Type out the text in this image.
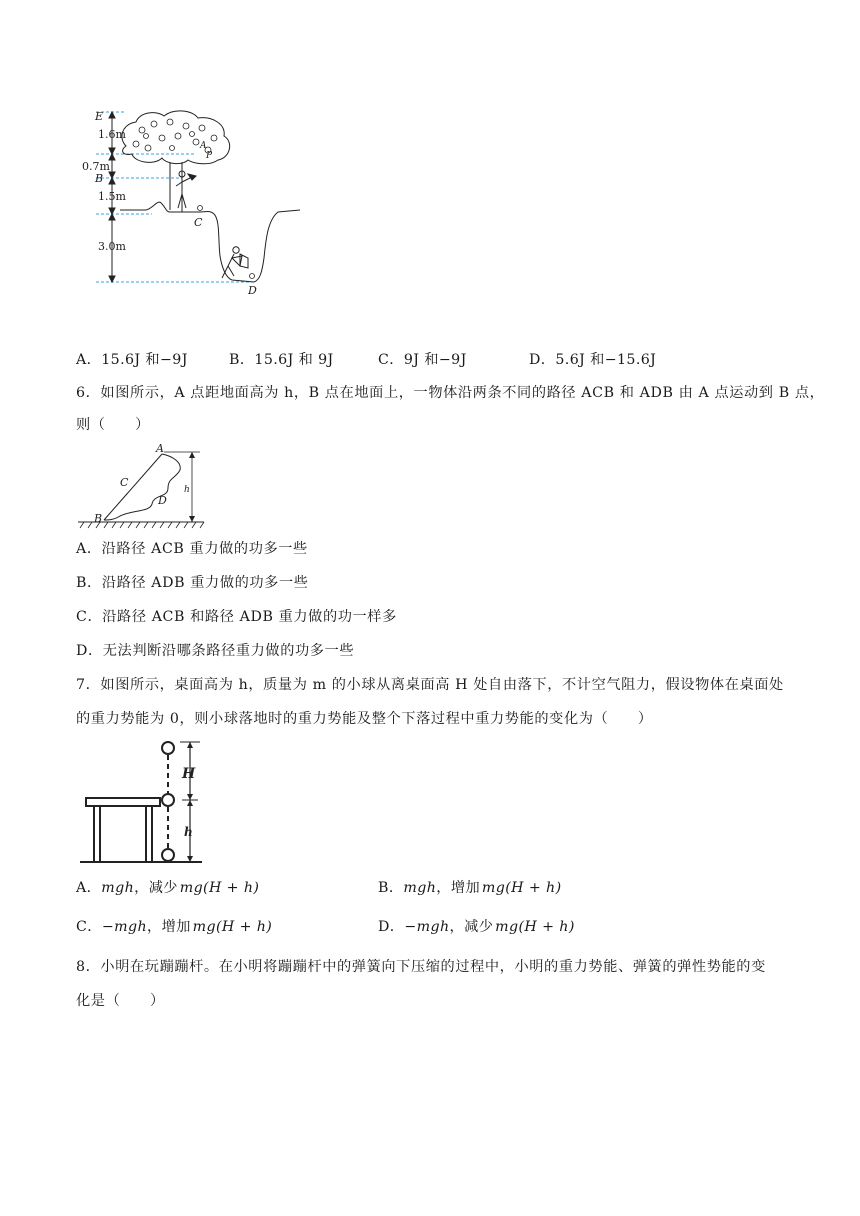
1.6m
0.7m
1.5m
3.0m
E
B
A
P
C
D
A．15.6J 和−9J	B．15.6J 和 9J	C．9J 和−9J	D．5.6J 和−15.6J
6．如图所示，A 点距地面高为 h，B 点在地面上，一物体沿两条不同的路径 ACB 和 ADB 由 A 点运动到 B 点，
则（　　）
A
C
D
B
h
A．沿路径 ACB 重力做的功多一些
B．沿路径 ADB 重力做的功多一些
C．沿路径 ACB 和路径 ADB 重力做的功一样多
D．无法判断沿哪条路径重力做的功多一些
7．如图所示，桌面高为 h，质量为 m 的小球从离桌面高 H 处自由落下，不计空气阻力，假设物体在桌面处
的重力势能为 0，则小球落地时的重力势能及整个下落过程中重力势能的变化为（　　）
H
h
A．mgh，减少  mg(H + h)	B．mgh，增加  mg(H + h)
C．−mgh，增加  mg(H + h)	D．−mgh，减少  mg(H + h)
8．小明在玩蹦蹦杆。在小明将蹦蹦杆中的弹簧向下压缩的过程中，小明的重力势能、弹簧的弹性势能的变
化是（　　）
